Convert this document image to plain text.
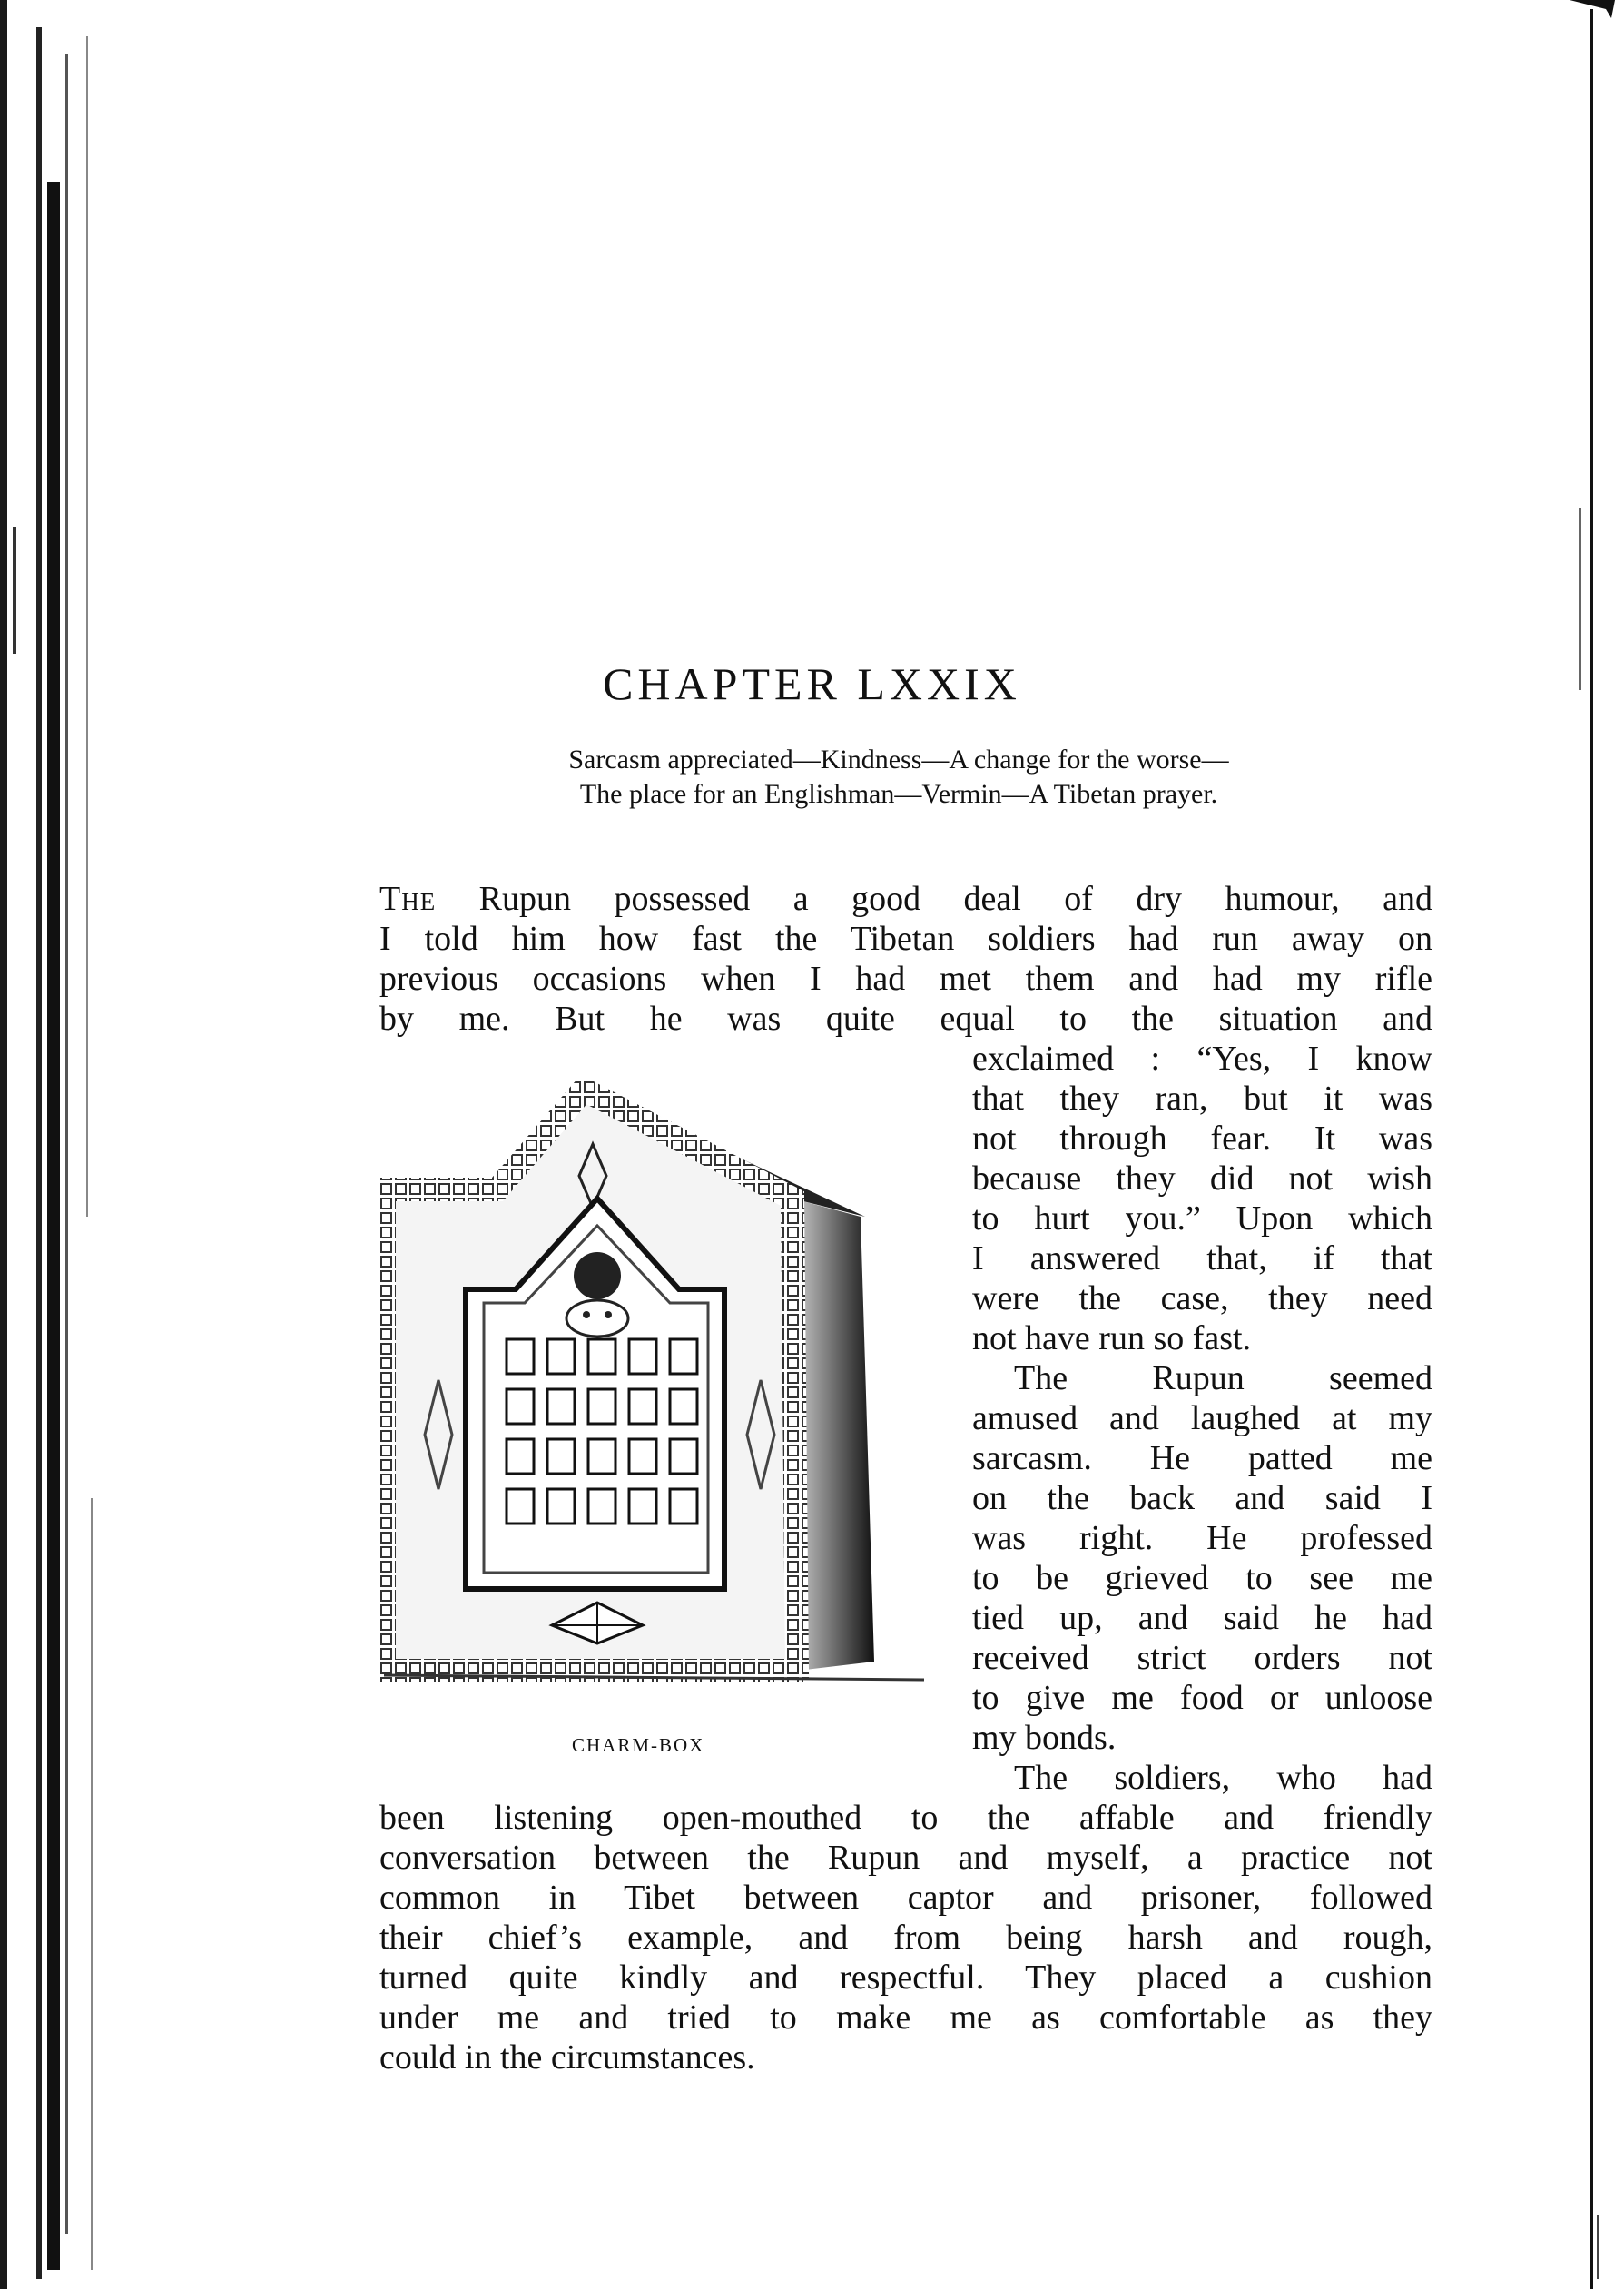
CHAPTER LXXIX
Sarcasm appreciated—Kindness—A change for the worse—
The place for an Englishman—Vermin—A Tibetan prayer.
The Rupun possessed a good deal of dry humour, and
I told him how fast the Tibetan soldiers had run away on
previous occasions when I had met them and had my rifle
by me. But he was quite equal to the situation and
exclaimed : “Yes, I know
that they ran, but it was
not through fear. It was
because they did not wish
to hurt you.” Upon which
I answered that, if that
were the case, they need
not have run so fast.
The Rupun seemed
amused and laughed at my
sarcasm. He patted me
on the back and said I
was right. He professed
to be grieved to see me
tied up, and said he had
received strict orders not
to give me food or unloose
my bonds.
The soldiers, who had
been listening open-mouthed to the affable and friendly
conversation between the Rupun and myself, a practice not
common in Tibet between captor and prisoner, followed
their chief’s example, and from being harsh and rough,
turned quite kindly and respectful. They placed a cushion
under me and tried to make me as comfortable as they
could in the circumstances.
CHARM-BOX
